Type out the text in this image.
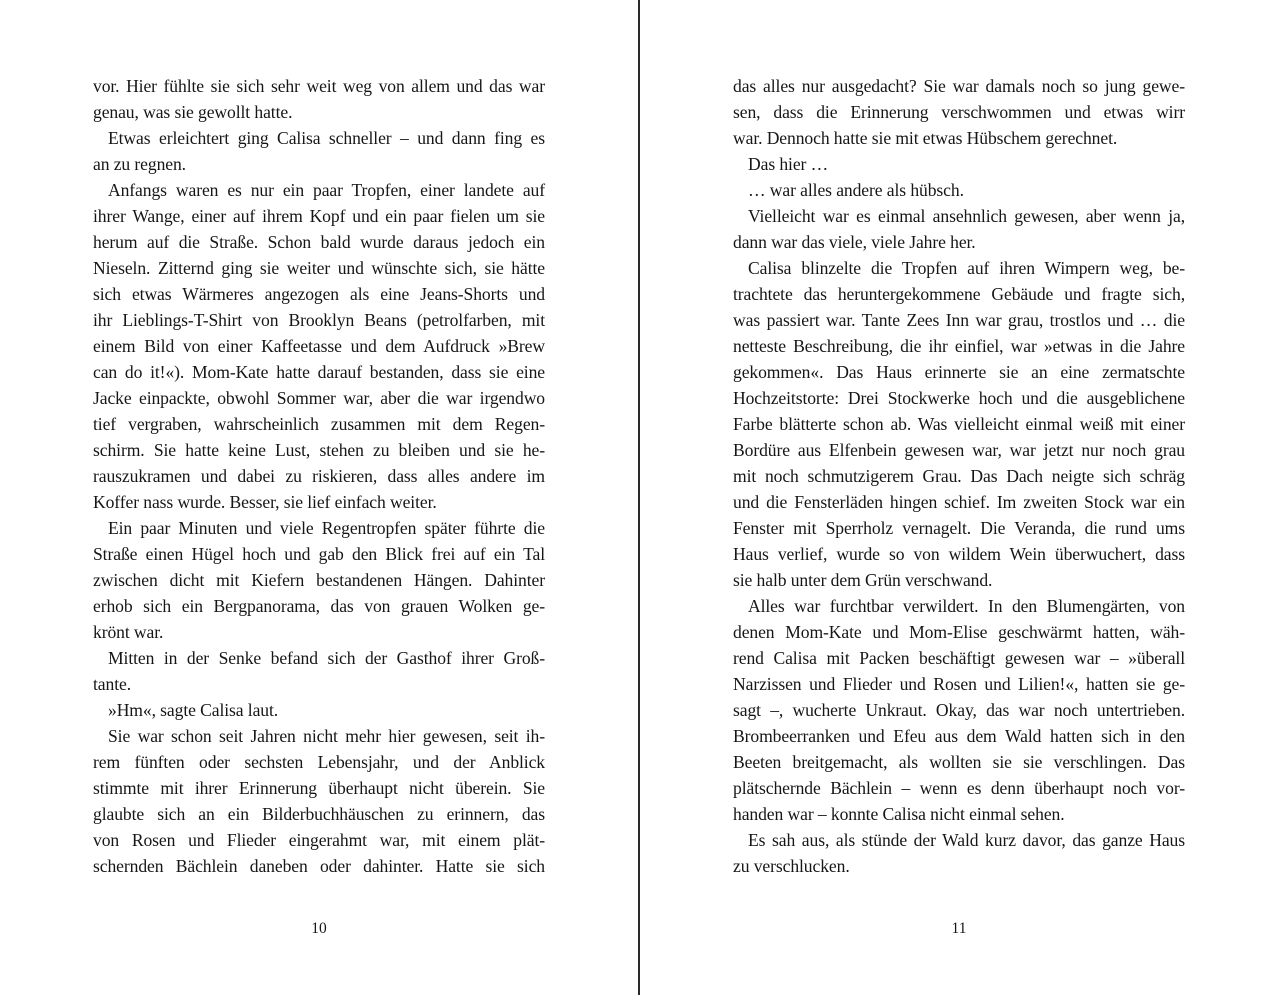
vor. Hier fühlte sie sich sehr weit weg von allem und das war
genau, was sie gewollt hatte.
Etwas erleichtert ging Calisa schneller – und dann fing es
an zu regnen.
Anfangs waren es nur ein paar Tropfen, einer landete auf
ihrer Wange, einer auf ihrem Kopf und ein paar fielen um sie
herum auf die Straße. Schon bald wurde daraus jedoch ein
Nieseln. Zitternd ging sie weiter und wünschte sich, sie hätte
sich etwas Wärmeres angezogen als eine Jeans-Shorts und
ihr Lieblings-T-Shirt von Brooklyn Beans (petrolfarben, mit
einem Bild von einer Kaffeetasse und dem Aufdruck »Brew
can do it!«). Mom-Kate hatte darauf bestanden, dass sie eine
Jacke einpackte, obwohl Sommer war, aber die war irgendwo
tief vergraben, wahrscheinlich zusammen mit dem Regen-
schirm. Sie hatte keine Lust, stehen zu bleiben und sie he-
rauszukramen und dabei zu riskieren, dass alles andere im
Koffer nass wurde. Besser, sie lief einfach weiter.
Ein paar Minuten und viele Regentropfen später führte die
Straße einen Hügel hoch und gab den Blick frei auf ein Tal
zwischen dicht mit Kiefern bestandenen Hängen. Dahinter
erhob sich ein Bergpanorama, das von grauen Wolken ge-
krönt war.
Mitten in der Senke befand sich der Gasthof ihrer Groß-
tante.
»Hm«, sagte Calisa laut.
Sie war schon seit Jahren nicht mehr hier gewesen, seit ih-
rem fünften oder sechsten Lebensjahr, und der Anblick
stimmte mit ihrer Erinnerung überhaupt nicht überein. Sie
glaubte sich an ein Bilderbuchhäuschen zu erinnern, das
von Rosen und Flieder eingerahmt war, mit einem plät-
schernden Bächlein daneben oder dahinter. Hatte sie sich
10
das alles nur ausgedacht? Sie war damals noch so jung gewe-
sen, dass die Erinnerung verschwommen und etwas wirr
war. Dennoch hatte sie mit etwas Hübschem gerechnet.
Das hier …
… war alles andere als hübsch.
Vielleicht war es einmal ansehnlich gewesen, aber wenn ja,
dann war das viele, viele Jahre her.
Calisa blinzelte die Tropfen auf ihren Wimpern weg, be-
trachtete das heruntergekommene Gebäude und fragte sich,
was passiert war. Tante Zees Inn war grau, trostlos und … die
netteste Beschreibung, die ihr einfiel, war »etwas in die Jahre
gekommen«. Das Haus erinnerte sie an eine zermatschte
Hochzeitstorte: Drei Stockwerke hoch und die ausgeblichene
Farbe blätterte schon ab. Was vielleicht einmal weiß mit einer
Bordüre aus Elfenbein gewesen war, war jetzt nur noch grau
mit noch schmutzigerem Grau. Das Dach neigte sich schräg
und die Fensterläden hingen schief. Im zweiten Stock war ein
Fenster mit Sperrholz vernagelt. Die Veranda, die rund ums
Haus verlief, wurde so von wildem Wein überwuchert, dass
sie halb unter dem Grün verschwand.
Alles war furchtbar verwildert. In den Blumengärten, von
denen Mom-Kate und Mom-Elise geschwärmt hatten, wäh-
rend Calisa mit Packen beschäftigt gewesen war – »überall
Narzissen und Flieder und Rosen und Lilien!«, hatten sie ge-
sagt –, wucherte Unkraut. Okay, das war noch untertrieben.
Brombeerranken und Efeu aus dem Wald hatten sich in den
Beeten breitgemacht, als wollten sie sie verschlingen. Das
plätschernde Bächlein – wenn es denn überhaupt noch vor-
handen war – konnte Calisa nicht einmal sehen.
Es sah aus, als stünde der Wald kurz davor, das ganze Haus
zu verschlucken.
11
